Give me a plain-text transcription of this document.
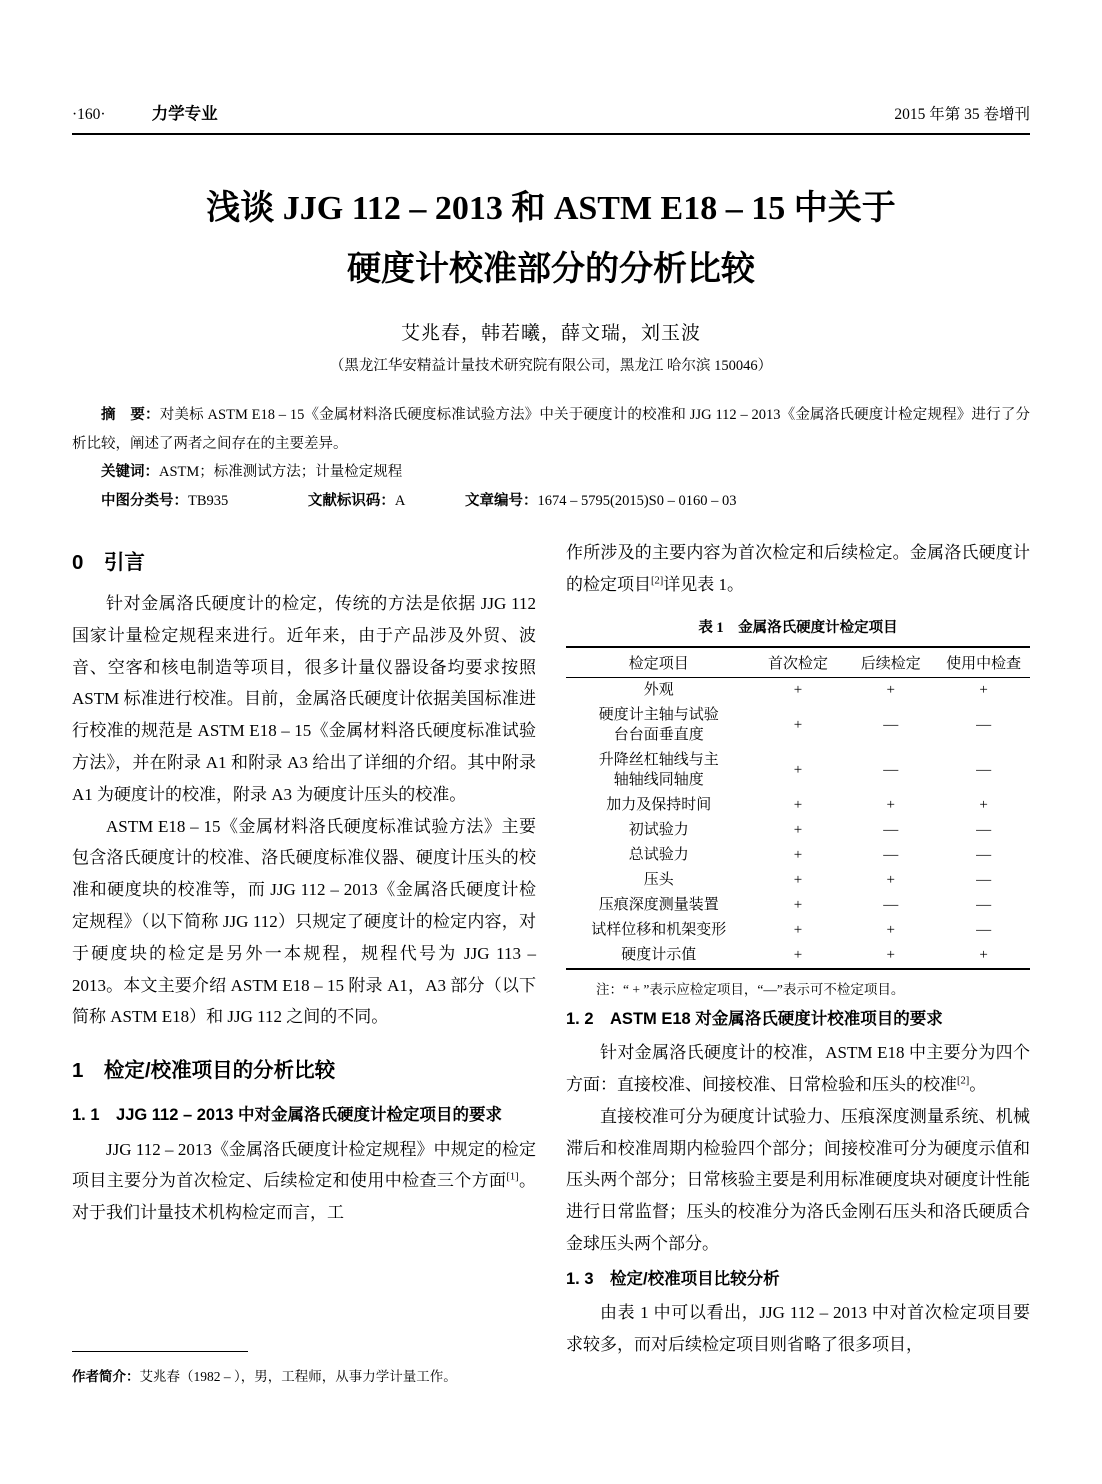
·160·	力学专业	2015 年第 35 卷增刊
浅谈 JJG 112 – 2013 和 ASTM E18 – 15 中关于
硬度计校准部分的分析比较
艾兆春，韩若曦，薛文瑞，刘玉波
（黑龙江华安精益计量技术研究院有限公司，黑龙江 哈尔滨 150046）

摘　要：对美标 ASTM E18 – 15《金属材料洛氏硬度标准试验方法》中关于硬度计的校准和 JJG 112 – 2013《金属洛氏硬度计检定规程》进行了分析比较，阐述了两者之间存在的主要差异。

关键词：ASTM；标准测试方法；计量检定规程

中图分类号：TB935	文献标识码：A	文章编号：1674 – 5795(2015)S0 – 0160 – 03

0　引言

针对金属洛氏硬度计的检定，传统的方法是依据 JJG 112 国家计量检定规程来进行。近年来，由于产品涉及外贸、波音、空客和核电制造等项目，很多计量仪器设备均要求按照 ASTM 标准进行校准。目前，金属洛氏硬度计依据美国标准进行校准的规范是 ASTM E18 – 15《金属材料洛氏硬度标准试验方法》，并在附录 A1 和附录 A3 给出了详细的介绍。其中附录 A1 为硬度计的校准，附录 A3 为硬度计压头的校准。

ASTM E18 – 15《金属材料洛氏硬度标准试验方法》主要包含洛氏硬度计的校准、洛氏硬度标准仪器、硬度计压头的校准和硬度块的校准等，而 JJG 112 – 2013《金属洛氏硬度计检定规程》（以下简称 JJG 112）只规定了硬度计的检定内容，对于硬度块的检定是另外一本规程，规程代号为 JJG 113 – 2013。本文主要介绍 ASTM E18 – 15 附录 A1，A3 部分（以下简称 ASTM E18）和 JJG 112 之间的不同。

1　检定/校准项目的分析比较
1. 1　JJG 112 – 2013 中对金属洛氏硬度计检定项目的要求

JJG 112 – 2013《金属洛氏硬度计检定规程》中规定的检定项目主要分为首次检定、后续检定和使用中检查三个方面[1]。对于我们计量技术机构检定而言，工

作者简介：艾兆春（1982 – ），男，工程师，从事力学计量工作。

作所涉及的主要内容为首次检定和后续检定。金属洛氏硬度计的检定项目[2]详见表 1。

表 1　金属洛氏硬度计检定项目
检定项目	首次检定	后续检定	使用中检查

外观	+	+	+

硬度计主轴与试验
台台面垂直度	+	—	—

升降丝杠轴线与主
轴轴线同轴度	+	—	—

加力及保持时间	+	+	+

初试验力	+	—	—

总试验力	+	—	—

压头	+	+	—

压痕深度测量装置	+	—	—

试样位移和机架变形	+	+	—

硬度计示值	+	+	+

注：“ + ”表示应检定项目，“—”表示可不检定项目。

1. 2　ASTM E18 对金属洛氏硬度计校准项目的要求

针对金属洛氏硬度计的校准，ASTM E18 中主要分为四个方面：直接校准、间接校准、日常检验和压头的校准[2]。

直接校准可分为硬度计试验力、压痕深度测量系统、机械滞后和校准周期内检验四个部分；间接校准可分为硬度示值和压头两个部分；日常核验主要是利用标准硬度块对硬度计性能进行日常监督；压头的校准分为洛氏金刚石压头和洛氏硬质合金球压头两个部分。

1. 3　检定/校准项目比较分析

由表 1 中可以看出，JJG 112 – 2013 中对首次检定项目要求较多，而对后续检定项目则省略了很多项目，
